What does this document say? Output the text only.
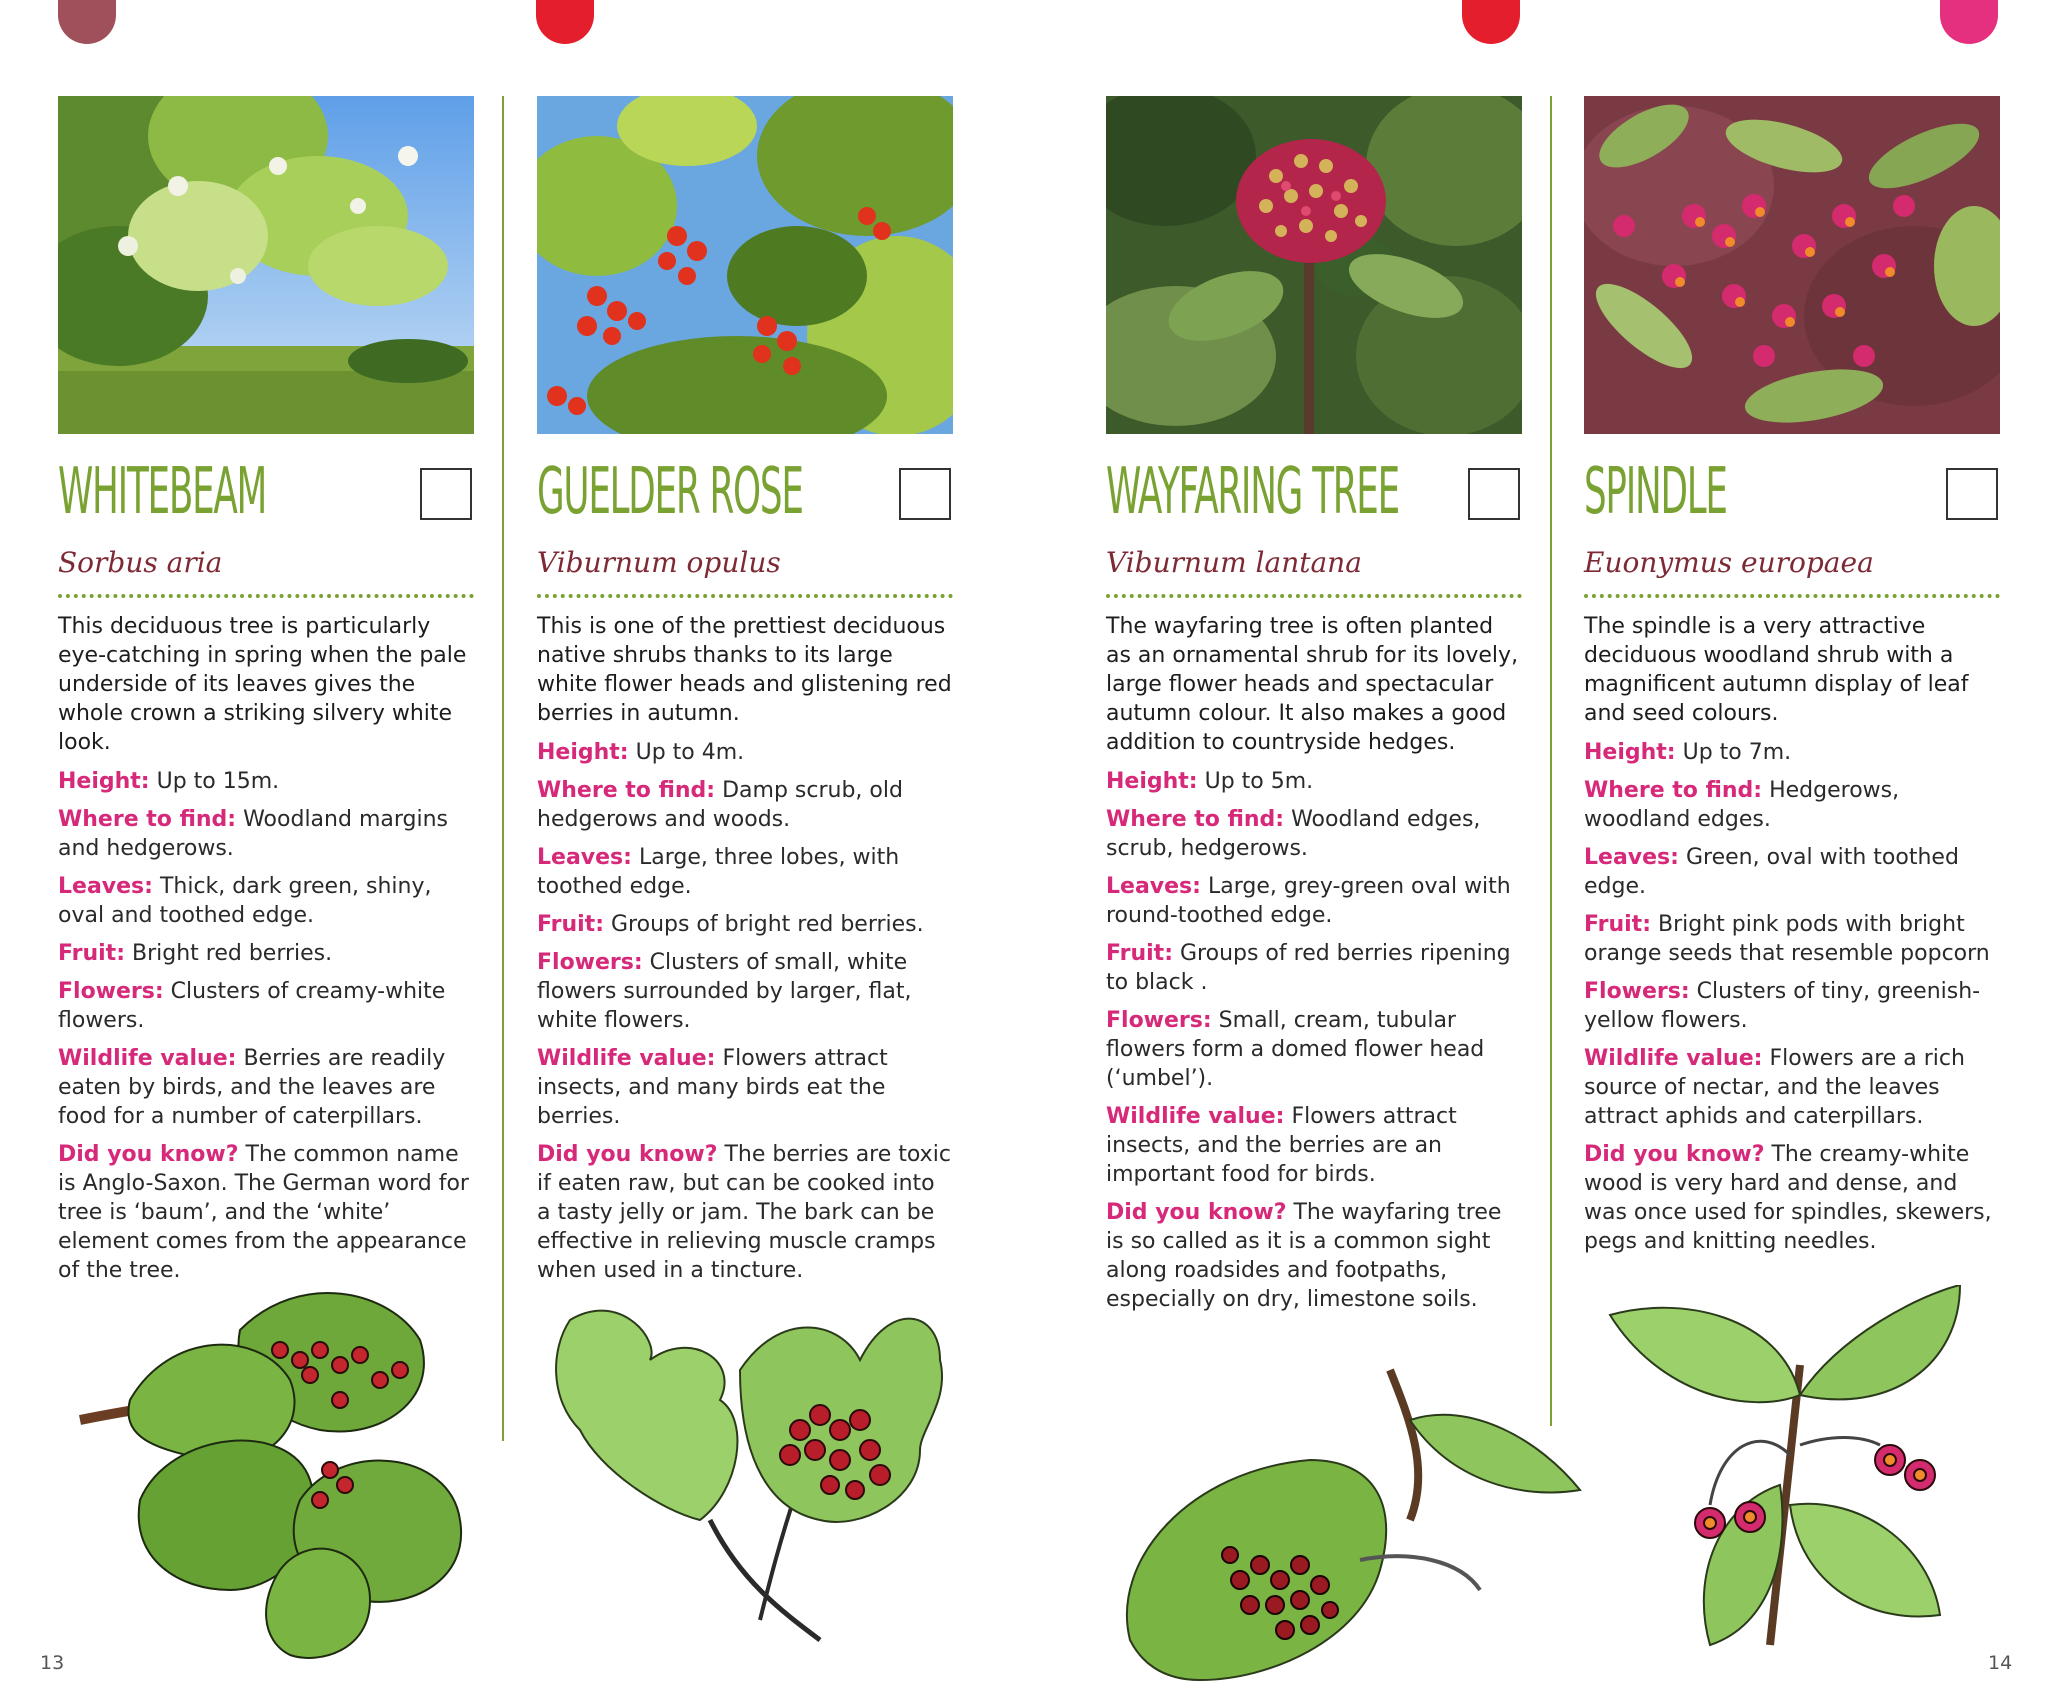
WHITEBEAM

Sorbus aria

This deciduous tree is particularly eye-catching in spring when the pale underside of its leaves gives the whole crown a striking silvery white look.

Height: Up to 15m.

Where to find: Woodland margins and hedgerows.

Leaves: Thick, dark green, shiny, oval and toothed edge.

Fruit: Bright red berries.

Flowers: Clusters of creamy-white flowers.

Wildlife value: Berries are readily eaten by birds, and the leaves are food for a number of caterpillars.

Did you know? The common name is Anglo-Saxon. The German word for tree is ‘baum’, and the ‘white’ element comes from the appearance of the tree.

GUELDER ROSE

Viburnum opulus

This is one of the prettiest deciduous native shrubs thanks to its large white flower heads and glistening red berries in autumn.

Height: Up to 4m.

Where to find: Damp scrub, old hedgerows and woods.

Leaves: Large, three lobes, with toothed edge.

Fruit: Groups of bright red berries.

Flowers: Clusters of small, white flowers surrounded by larger, flat, white flowers.

Wildlife value: Flowers attract insects, and many birds eat the berries.

Did you know? The berries are toxic if eaten raw, but can be cooked into a tasty jelly or jam. The bark can be effective in relieving muscle cramps when used in a tincture.

WAYFARING TREE

Viburnum lantana

The wayfaring tree is often planted as an ornamental shrub for its lovely, large flower heads and spectacular autumn colour. It also makes a good addition to countryside hedges.

Height: Up to 5m.

Where to find: Woodland edges, scrub, hedgerows.

Leaves: Large, grey-green oval with round-toothed edge.

Fruit: Groups of red berries ripening to black .

Flowers: Small, cream, tubular flowers form a domed flower head (‘umbel’).

Wildlife value: Flowers attract insects, and the berries are an important food for birds.

Did you know? The wayfaring tree is so called as it is a common sight along roadsides and footpaths, especially on dry, limestone soils.

SPINDLE

Euonymus europaea

The spindle is a very attractive deciduous woodland shrub with a magnificent autumn display of leaf and seed colours.

Height: Up to 7m.

Where to find: Hedgerows, woodland edges.

Leaves: Green, oval with toothed edge.

Fruit: Bright pink pods with bright orange seeds that resemble popcorn

Flowers: Clusters of tiny, greenish-yellow flowers.

Wildlife value: Flowers are a rich source of nectar, and the leaves attract aphids and caterpillars.

Did you know? The creamy-white wood is very hard and dense, and was once used for spindles, skewers, pegs and knitting needles.

13	14
